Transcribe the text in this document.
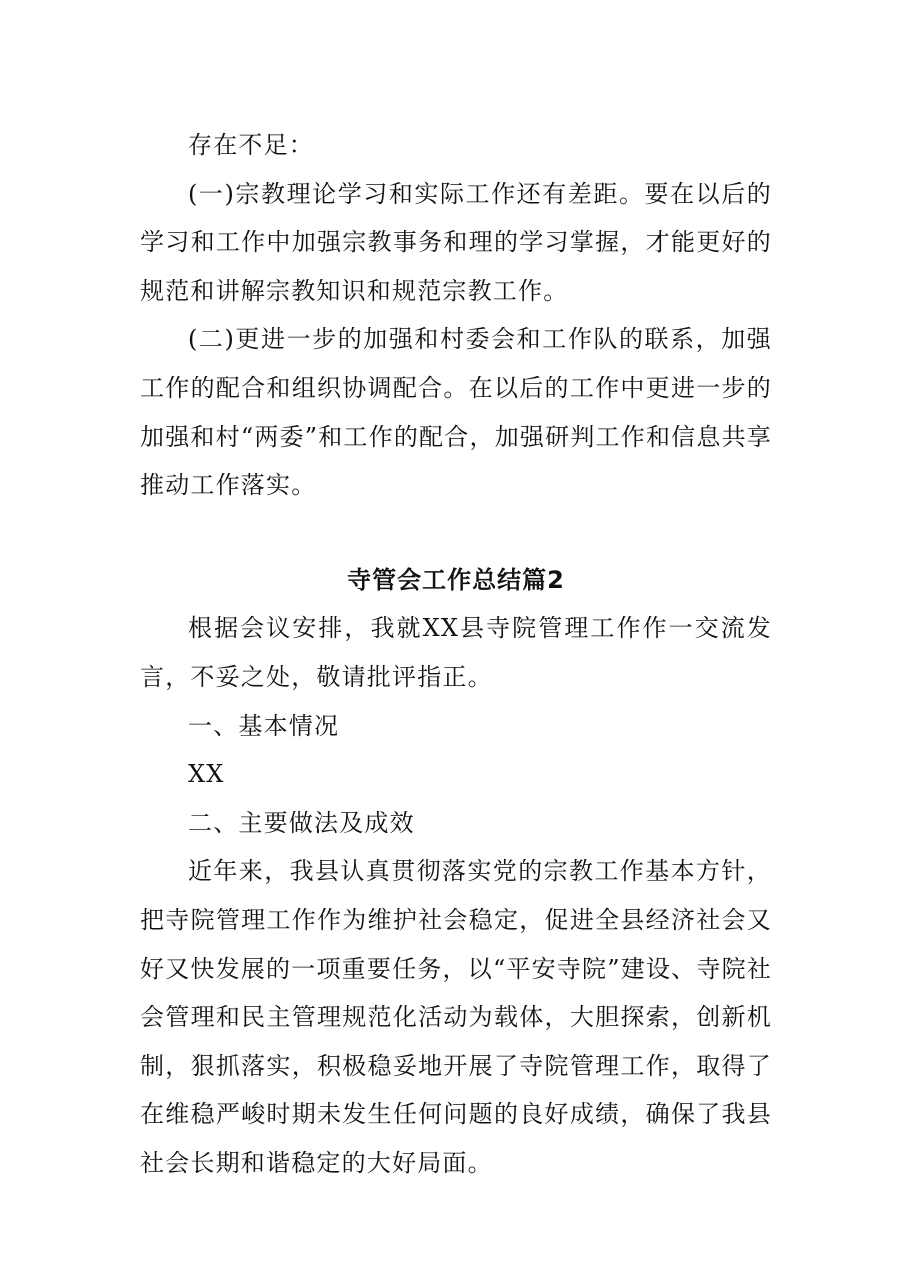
存在不足：

(一)宗教理论学习和实际工作还有差距。要在以后的学习和工作中加强宗教事务和理的学习掌握，才能更好的规范和讲解宗教知识和规范宗教工作。

(二)更进一步的加强和村委会和工作队的联系，加强工作的配合和组织协调配合。在以后的工作中更进一步的加强和村“两委”和工作的配合，加强研判工作和信息共享推动工作落实。

寺管会工作总结篇2

根据会议安排，我就XX县寺院管理工作作一交流发言，不妥之处，敬请批评指正。

一、基本情况

XX

二、主要做法及成效

近年来，我县认真贯彻落实党的宗教工作基本方针，把寺院管理工作作为维护社会稳定，促进全县经济社会又好又快发展的一项重要任务，以“平安寺院”建设、寺院社会管理和民主管理规范化活动为载体，大胆探索，创新机制，狠抓落实，积极稳妥地开展了寺院管理工作，取得了在维稳严峻时期未发生任何问题的良好成绩，确保了我县社会长期和谐稳定的大好局面。
